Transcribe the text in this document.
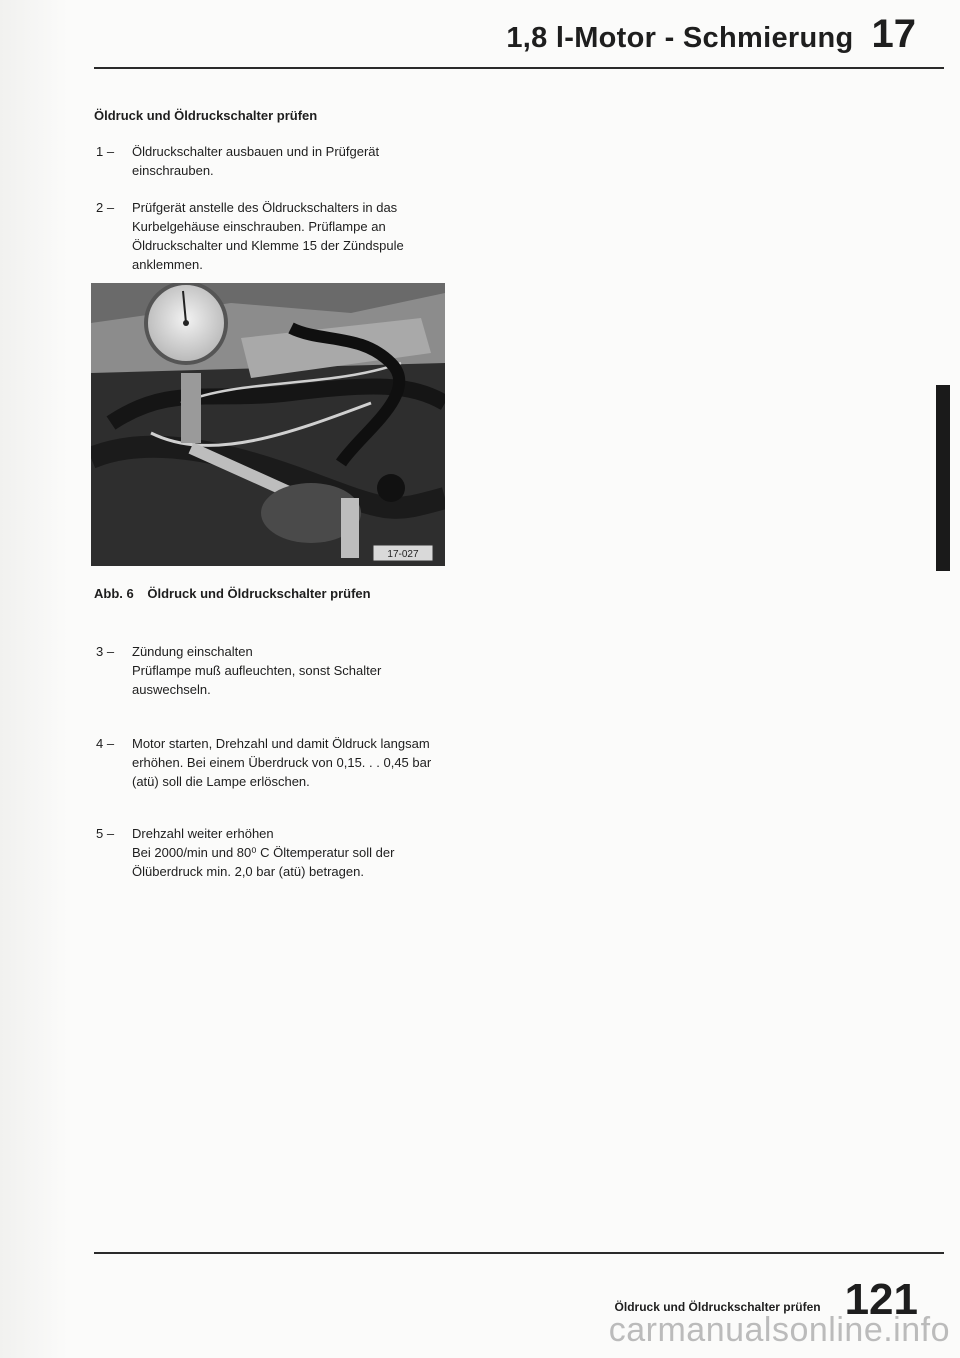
1,8 l-Motor - Schmierung 17
Öldruck und Öldruckschalter prüfen
1 –	Öldruckschalter ausbauen und in Prüfgerät einschrauben.
2 –	Prüfgerät anstelle des Öldruckschalters in das Kurbelgehäuse einschrauben. Prüflampe an Öldruckschalter und Klemme 15 der Zündspule anklemmen.
17-027
Abb. 6 Öldruck und Öldruckschalter prüfen
3 –	Zündung einschalten
Prüflampe muß aufleuchten, sonst Schalter auswechseln.
4 –	Motor starten, Drehzahl und damit Öldruck langsam erhöhen. Bei einem Überdruck von 0,15. . . 0,45 bar (atü) soll die Lampe erlöschen.
5 –	Drehzahl weiter erhöhen
Bei 2000/min und 80⁰ C Öltemperatur soll der Ölüberdruck min. 2,0 bar (atü) betragen.
Öldruck und Öldruckschalter prüfen 121
carmanualsonline.info
